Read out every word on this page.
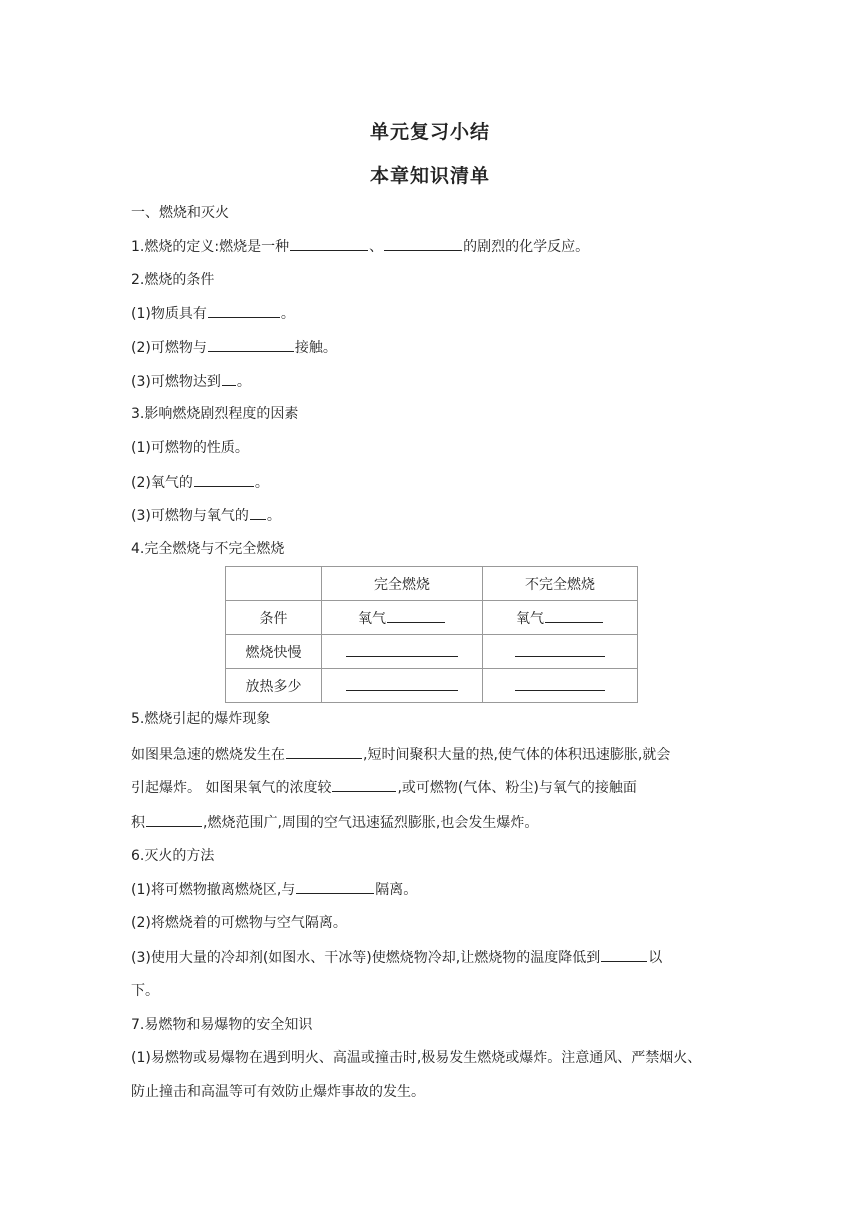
单元复习小结
本章知识清单
一、燃烧和灭火
1.燃烧的定义:燃烧是一种	、	的剧烈的化学反应。
2.燃烧的条件
(1)物质具有	。
(2)可燃物与	接触。
(3)可燃物达到 。
3.影响燃烧剧烈程度的因素
(1)可燃物的性质。
(2)氧气的	。
(3)可燃物与氧气的 。
4.完全燃烧与不完全燃烧
	完全燃烧	不完全燃烧
条件	氧气	氧气
燃烧快慢		
放热多少		
5.燃烧引起的爆炸现象
如图果急速的燃烧发生在	,短时间聚积大量的热,使气体的体积迅速膨胀,就会
引起爆炸。 如图果氧气的浓度较	,或可燃物(气体、粉尘)与氧气的接触面
积	,燃烧范围广,周围的空气迅速猛烈膨胀,也会发生爆炸。
6.灭火的方法
(1)将可燃物撤离燃烧区,与	隔离。
(2)将燃烧着的可燃物与空气隔离。
(3)使用大量的冷却剂(如图水、干冰等)使燃烧物冷却,让燃烧物的温度降低到	以
下。
7.易燃物和易爆物的安全知识
(1)易燃物或易爆物在遇到明火、高温或撞击时,极易发生燃烧或爆炸。注意通风、严禁烟火、
防止撞击和高温等可有效防止爆炸事故的发生。
